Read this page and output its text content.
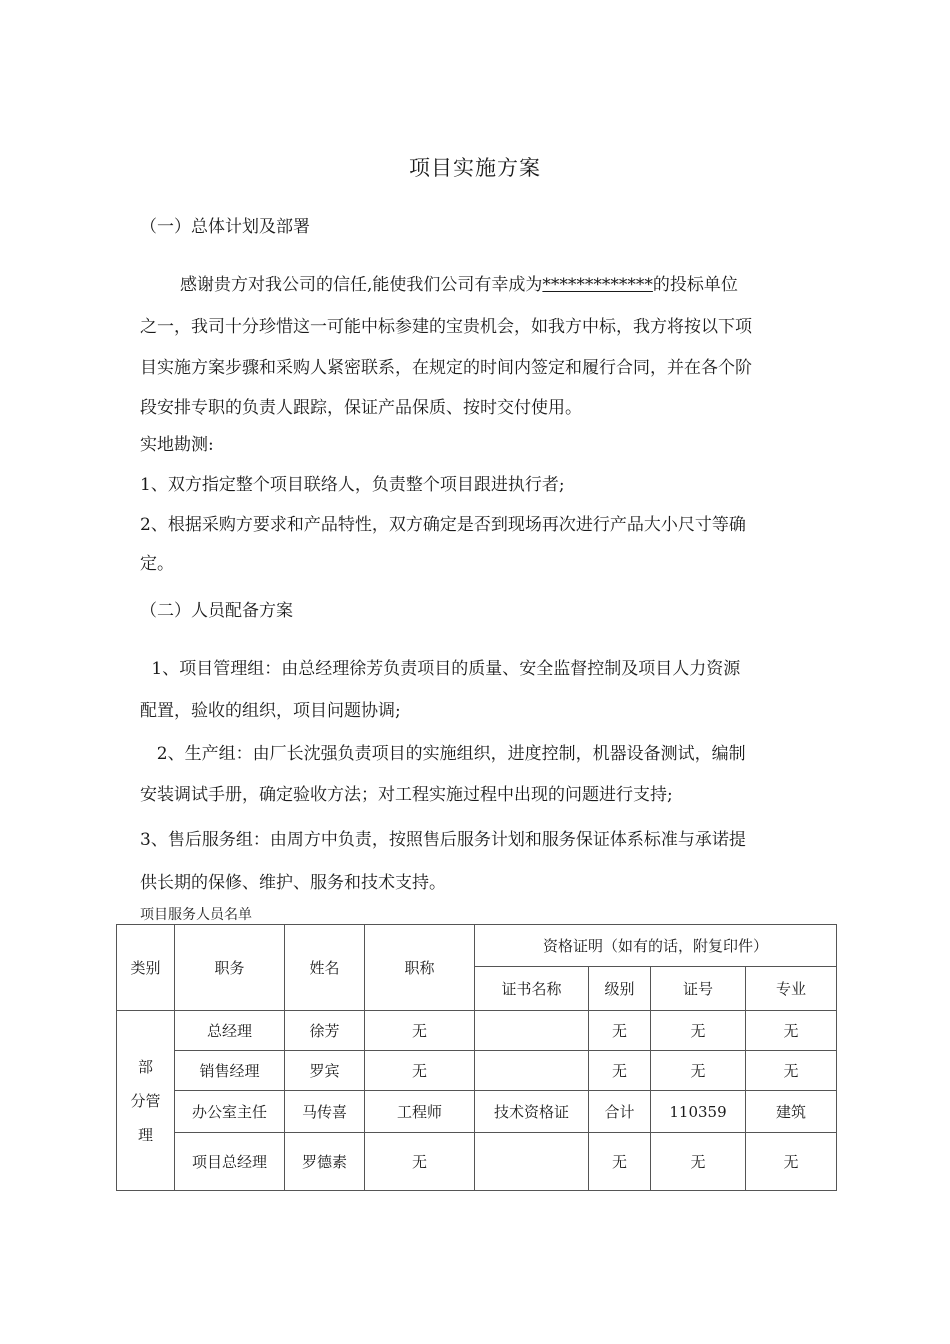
项目实施方案
（一）总体计划及部署
感谢贵方对我公司的信任,能使我们公司有幸成为*************的投标单位
之一，我司十分珍惜这一可能中标参建的宝贵机会，如我方中标，我方将按以下项
目实施方案步骤和采购人紧密联系，在规定的时间内签定和履行合同，并在各个阶
段安排专职的负责人跟踪，保证产品保质、按时交付使用。
实地勘测:
1、双方指定整个项目联络人，负责整个项目跟进执行者;
2、根据采购方要求和产品特性，双方确定是否到现场再次进行产品大小尺寸等确
定。
（二）人员配备方案
1、项目管理组：由总经理徐芳负责项目的质量、安全监督控制及项目人力资源
配置，验收的组织，项目问题协调;
2、生产组：由厂长沈强负责项目的实施组织，进度控制，机器设备测试，编制
安装调试手册，确定验收方法；对工程实施过程中出现的问题进行支持;
3、售后服务组：由周方中负责，按照售后服务计划和服务保证体系标准与承诺提
供长期的保修、维护、服务和技术支持。
项目服务人员名单
类别	职务	姓名	职称	资格证明（如有的话，附复印件）			
				证书名称	级别	证号	专业

部
分管
理	总经理	徐芳	无		无	无	无
	销售经理	罗宾	无		无	无	无
	办公室主任	马传喜	工程师	技术资格证	合计	110359	建筑
	项目总经理	罗德素	无		无	无	无
